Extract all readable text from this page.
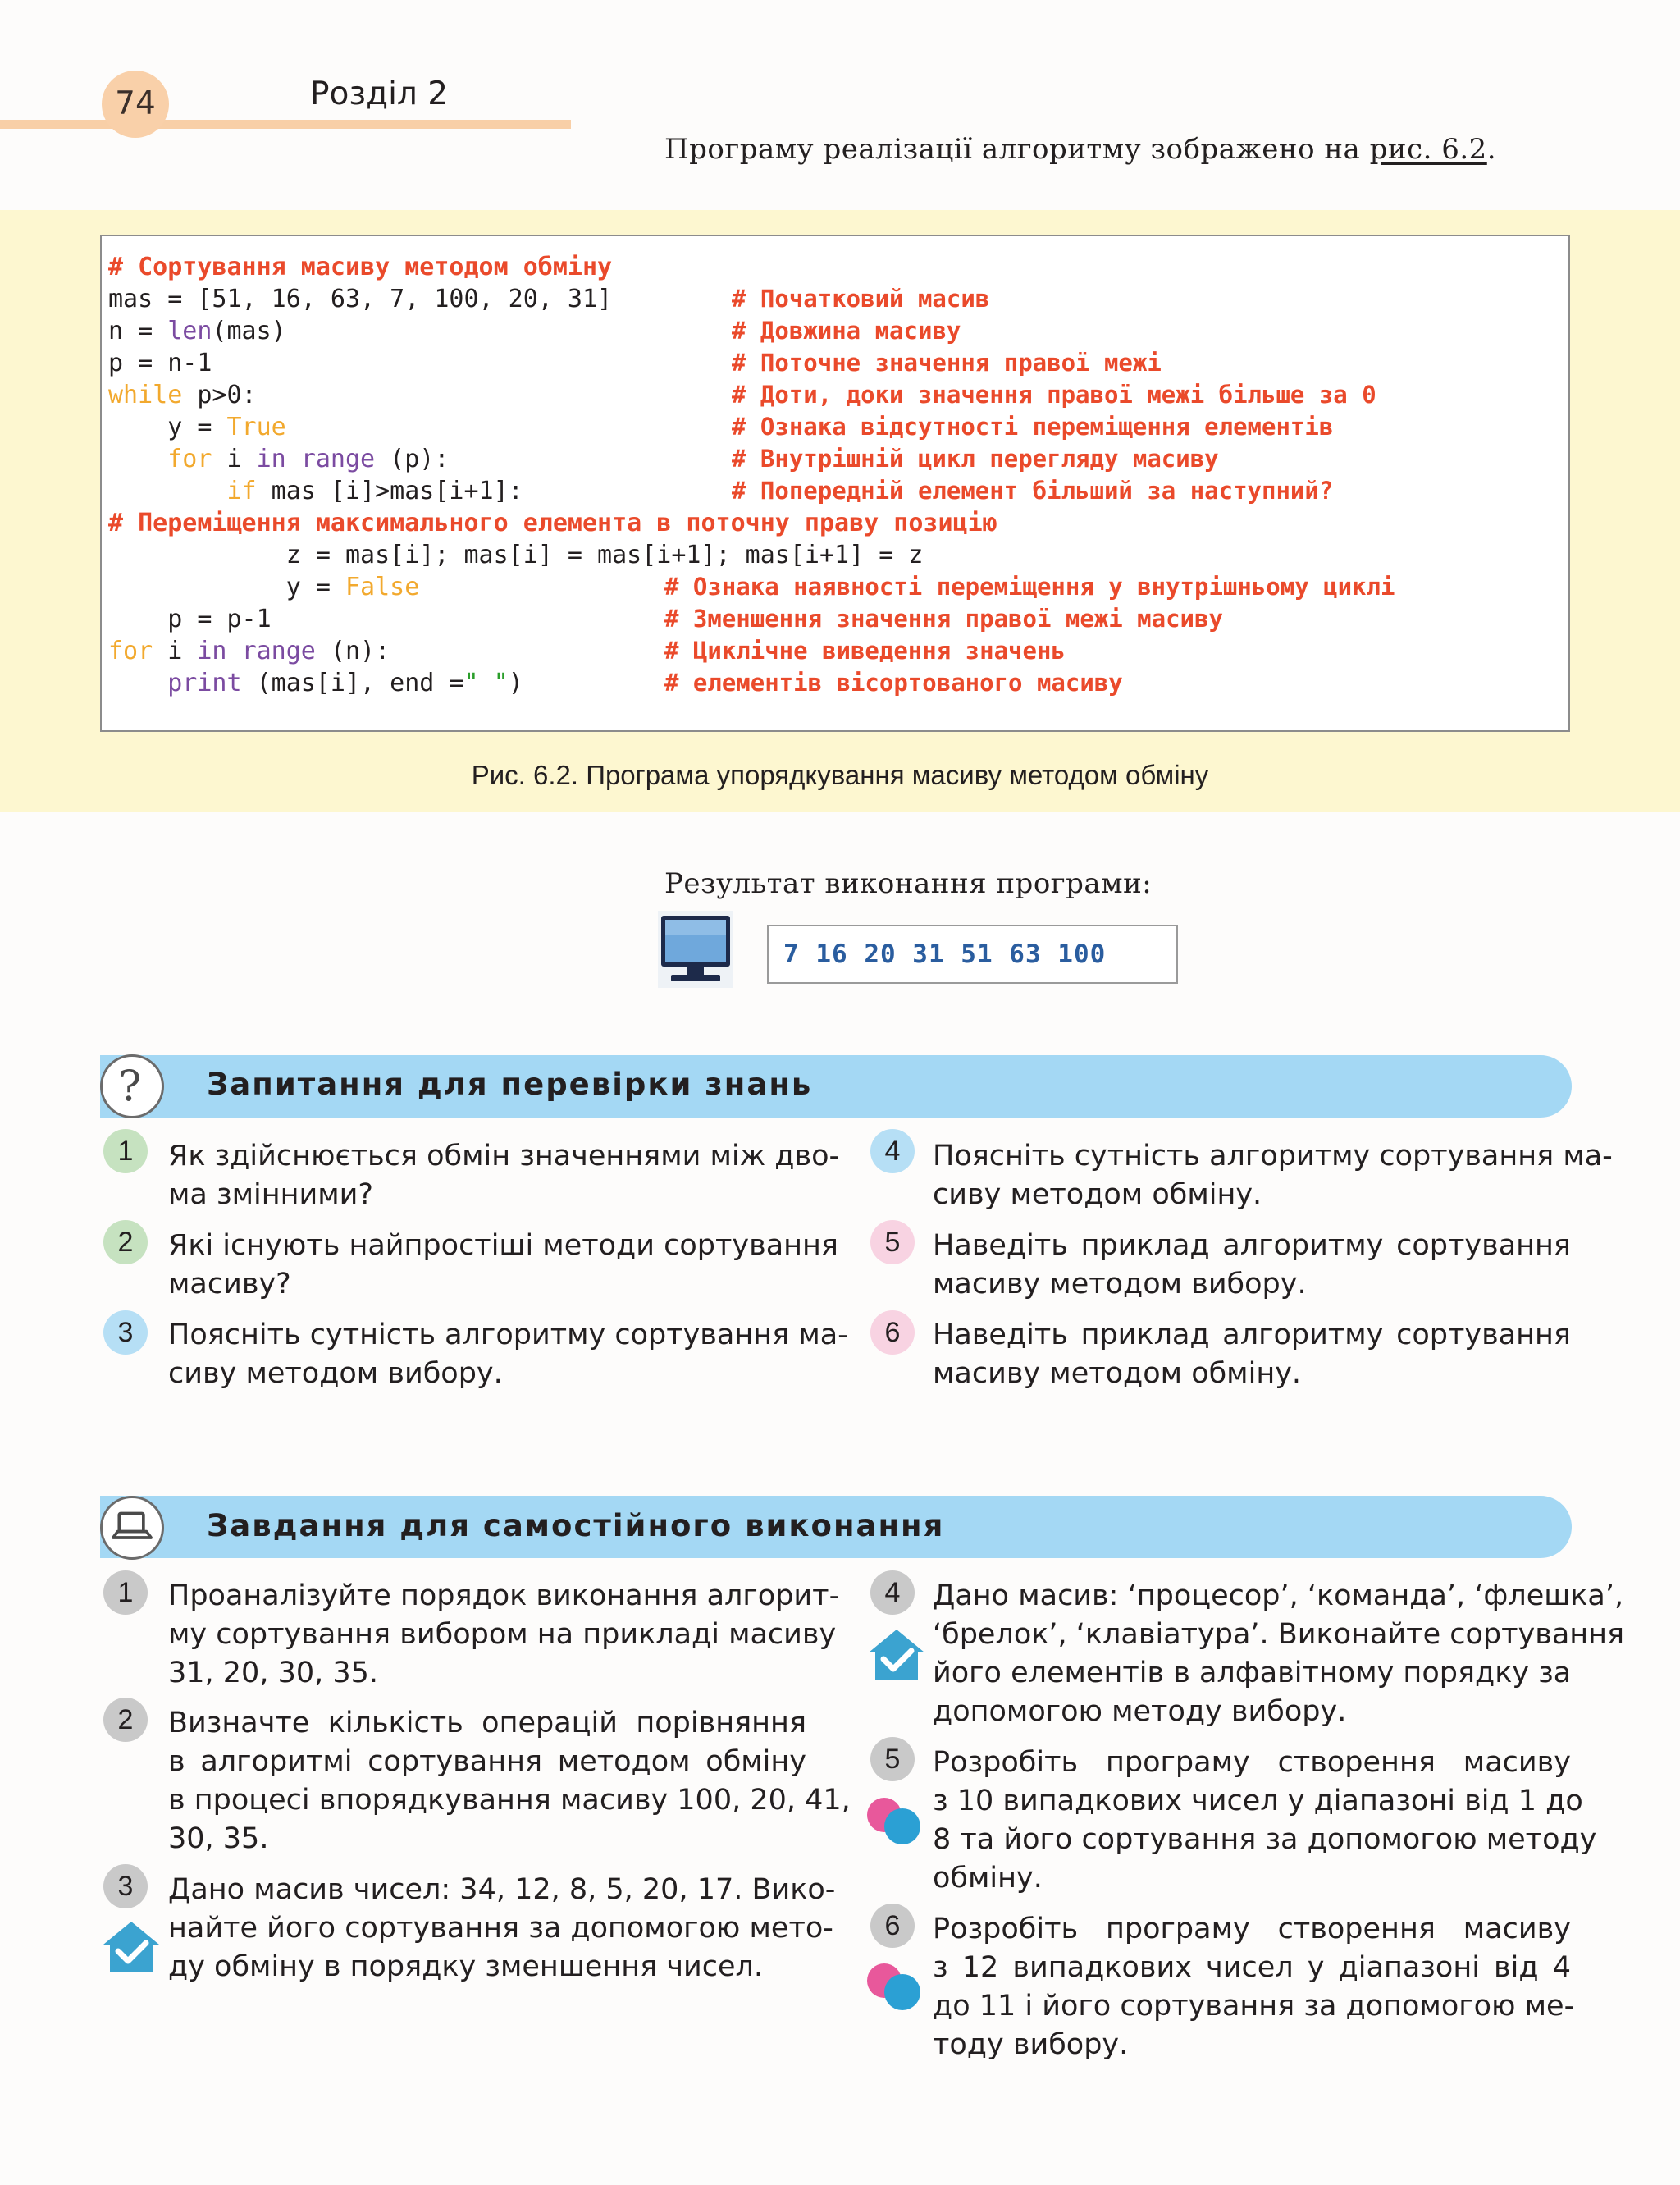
74	Розділ 2
Програму реалізації алгоритму зображено на рис. 6.2.
# Сортування масиву методом обміну
mas = [51, 16, 63, 7, 100, 20, 31]	# Початковий масив
n = len(mas)	# Довжина масиву
p = n-1	# Поточне значення правої межі
while p>0:	# Доти, доки значення правої межі більше за 0
y = True	# Ознака відсутності переміщення елементів
for i in range (p):	# Внутрішній цикл перегляду масиву
if mas [i]>mas[i+1]:	# Попередній елемент більший за наступний?
# Переміщення максимального елемента в поточну праву позицію
z = mas[i]; mas[i] = mas[i+1]; mas[i+1] = z
y = False	# Ознака наявності переміщення у внутрішньому циклі
p = p-1	# Зменшення значення правої межі масиву
for i in range (n):	# Циклічне виведення значень
print (mas[i], end =" ")	# елементів вісортованого масиву
Рис. 6.2. Програма упорядкування масиву методом обміну
Результат виконання програми:
7 16 20 31 51 63 100
? Запитання для перевірки знань
1	Як здійснюється обмін значеннями між дво-
ма змінними?
2	Які існують найпростіші методи сортування
масиву?
3	Поясніть сутність алгоритму сортування ма-
сиву методом вибору.
4	Поясніть сутність алгоритму сортування ма-
сиву методом обміну.
5	Наведіть приклад алгоритму сортування
масиву методом вибору.
6	Наведіть приклад алгоритму сортування
масиву методом обміну.
Завдання для самостійного виконання
1	Проаналізуйте порядок виконання алгорит-
му сортування вибором на прикладі масиву
31, 20, 30, 35.
2	Визначте кількість операцій порівняння
в алгоритмі сортування методом обміну
в процесі впорядкування масиву 100, 20, 41,
30, 35.
3	Дано масив чисел: 34, 12, 8, 5, 20, 17. Вико-
найте його сортування за допомогою мето-
ду обміну в порядку зменшення чисел.
4	Дано масив: ‘процесор’, ‘команда’, ‘флешка’,
‘брелок’, ‘клавіатура’. Виконайте сортування
його елементів в алфавітному порядку за
допомогою методу вибору.
5	Розробіть програму створення масиву
з 10 випадкових чисел у діапазоні від 1 до
8 та його сортування за допомогою методу
обміну.
6	Розробіть програму створення масиву
з 12 випадкових чисел у діапазоні від 4
до 11 і його сортування за допомогою ме-
тоду вибору.
